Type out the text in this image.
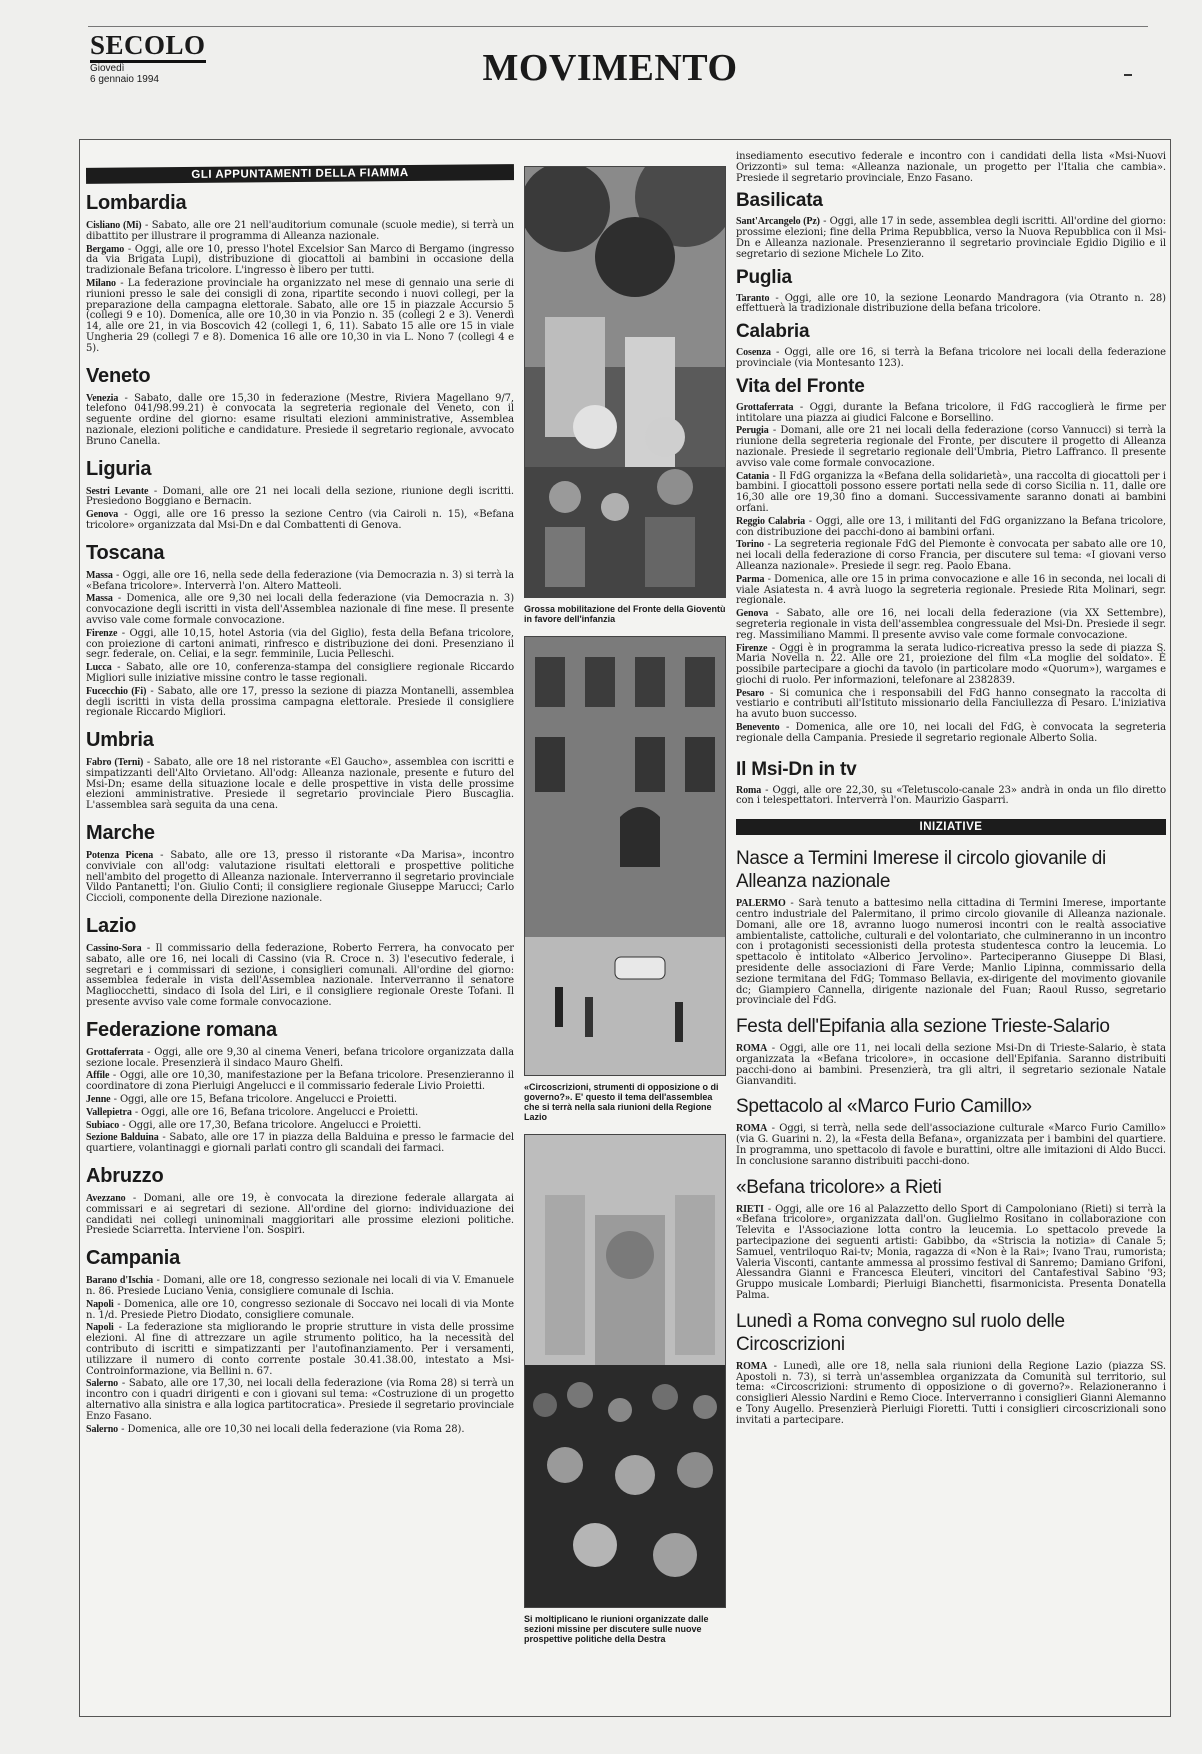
SECOLO
Giovedì
6 gennaio 1994	MOVIMENTO
GLI APPUNTAMENTI DELLA FIAMMA
Lombardia

Cisliano (Mi) - Sabato, alle ore 21 nell'auditorium comunale (scuole medie), si terrà un dibattito per illustrare il programma di Alleanza nazionale.

Bergamo - Oggi, alle ore 10, presso l'hotel Excelsior San Marco di Bergamo (ingresso da via Brigata Lupi), distribuzione di giocattoli ai bambini in occasione della tradizionale Befana tricolore. L'ingresso è libero per tutti.

Milano - La federazione provinciale ha organizzato nel mese di gennaio una serie di riunioni presso le sale dei consigli di zona, ripartite secondo i nuovi collegi, per la preparazione della campagna elettorale. Sabato, alle ore 15 in piazzale Accursio 5 (collegi 9 e 10). Domenica, alle ore 10,30 in via Ponzio n. 35 (collegi 2 e 3). Venerdì 14, alle ore 21, in via Boscovich 42 (collegi 1, 6, 11). Sabato 15 alle ore 15 in viale Ungheria 29 (collegi 7 e 8). Domenica 16 alle ore 10,30 in via L. Nono 7 (collegi 4 e 5).

Veneto

Venezia - Sabato, dalle ore 15,30 in federazione (Mestre, Riviera Magellano 9/7, telefono 041/98.99.21) è convocata la segreteria regionale del Veneto, con il seguente ordine del giorno: esame risultati elezioni amministrative, Assemblea nazionale, elezioni politiche e candidature. Presiede il segretario regionale, avvocato Bruno Canella.

Liguria

Sestri Levante - Domani, alle ore 21 nei locali della sezione, riunione degli iscritti. Presiedono Boggiano e Bernacin.

Genova - Oggi, alle ore 16 presso la sezione Centro (via Cairoli n. 15), «Befana tricolore» organizzata dal Msi-Dn e dal Combattenti di Genova.

Toscana

Massa - Oggi, alle ore 16, nella sede della federazione (via Democrazia n. 3) si terrà la «Befana tricolore». Interverrà l'on. Altero Matteoli.

Massa - Domenica, alle ore 9,30 nei locali della federazione (via Democrazia n. 3) convocazione degli iscritti in vista dell'Assemblea nazionale di fine mese. Il presente avviso vale come formale convocazione.

Firenze - Oggi, alle 10,15, hotel Astoria (via del Giglio), festa della Befana tricolore, con proiezione di cartoni animati, rinfresco e distribuzione dei doni. Presenziano il segr. federale, on. Celiai, e la segr. femminile, Lucia Pelleschi.

Lucca - Sabato, alle ore 10, conferenza-stampa del consigliere regionale Riccardo Migliori sulle iniziative missine contro le tasse regionali.

Fucecchio (Fi) - Sabato, alle ore 17, presso la sezione di piazza Montanelli, assemblea degli iscritti in vista della prossima campagna elettorale. Presiede il consigliere regionale Riccardo Migliori.

Umbria

Fabro (Terni) - Sabato, alle ore 18 nel ristorante «El Gaucho», assemblea con iscritti e simpatizzanti dell'Alto Orvietano. All'odg: Alleanza nazionale, presente e futuro del Msi-Dn; esame della situazione locale e delle prospettive in vista delle prossime elezioni amministrative. Presiede il segretario provinciale Piero Buscaglia. L'assemblea sarà seguita da una cena.

Marche

Potenza Picena - Sabato, alle ore 13, presso il ristorante «Da Marisa», incontro conviviale con all'odg: valutazione risultati elettorali e prospettive politiche nell'ambito del progetto di Alleanza nazionale. Interverranno il segretario provinciale Vildo Pantanetti; l'on. Giulio Conti; il consigliere regionale Giuseppe Marucci; Carlo Ciccioli, componente della Direzione nazionale.

Lazio

Cassino-Sora - Il commissario della federazione, Roberto Ferrera, ha convocato per sabato, alle ore 16, nei locali di Cassino (via R. Croce n. 3) l'esecutivo federale, i segretari e i commissari di sezione, i consiglieri comunali. All'ordine del giorno: assemblea federale in vista dell'Assemblea nazionale. Interverranno il senatore Magliocchetti, sindaco di Isola del Liri, e il consigliere regionale Oreste Tofani. Il presente avviso vale come formale convocazione.

Federazione romana

Grottaferrata - Oggi, alle ore 9,30 al cinema Veneri, befana tricolore organizzata dalla sezione locale. Presenzierà il sindaco Mauro Ghelfi.

Affile - Oggi, alle ore 10,30, manifestazione per la Befana tricolore. Presenzieranno il coordinatore di zona Pierluigi Angelucci e il commissario federale Livio Proietti.

Jenne - Oggi, alle ore 15, Befana tricolore. Angelucci e Proietti.

Vallepietra - Oggi, alle ore 16, Befana tricolore. Angelucci e Proietti.

Subiaco - Oggi, alle ore 17,30, Befana tricolore. Angelucci e Proietti.

Sezione Balduina - Sabato, alle ore 17 in piazza della Balduina e presso le farmacie del quartiere, volantinaggi e giornali parlati contro gli scandali dei farmaci.

Abruzzo

Avezzano - Domani, alle ore 19, è convocata la direzione federale allargata ai commissari e ai segretari di sezione. All'ordine del giorno: individuazione dei candidati nei collegi uninominali maggioritari alle prossime elezioni politiche. Presiede Sciarretta. Interviene l'on. Sospiri.

Campania

Barano d'Ischia - Domani, alle ore 18, congresso sezionale nei locali di via V. Emanuele n. 86. Presiede Luciano Venia, consigliere comunale di Ischia.

Napoli - Domenica, alle ore 10, congresso sezionale di Soccavo nei locali di via Monte n. 1/d. Presiede Pietro Diodato, consigliere comunale.

Napoli - La federazione sta migliorando le proprie strutture in vista delle prossime elezioni. Al fine di attrezzare un agile strumento politico, ha la necessità del contributo di iscritti e simpatizzanti per l'autofinanziamento. Per i versamenti, utilizzare il numero di conto corrente postale 30.41.38.00, intestato a Msi-Controinformazione, via Bellini n. 67.

Salerno - Sabato, alle ore 17,30, nei locali della federazione (via Roma 28) si terrà un incontro con i quadri dirigenti e con i giovani sul tema: «Costruzione di un progetto alternativo alla sinistra e alla logica partitocratica». Presiede il segretario provinciale Enzo Fasano.

Salerno - Domenica, alle ore 10,30 nei locali della federazione (via Roma 28).

Grossa mobilitazione del Fronte della Gioventù in favore dell'infanzia
«Circoscrizioni, strumenti di opposizione o di governo?». E' questo il tema dell'assemblea che si terrà nella sala riunioni della Regione Lazio
Si moltiplicano le riunioni organizzate dalle sezioni missine per discutere sulle nuove prospettive politiche della Destra

insediamento esecutivo federale e incontro con i candidati della lista «Msi-Nuovi Orizzonti» sul tema: «Alleanza nazionale, un progetto per l'Italia che cambia». Presiede il segretario provinciale, Enzo Fasano.

Basilicata

Sant'Arcangelo (Pz) - Oggi, alle 17 in sede, assemblea degli iscritti. All'ordine del giorno: prossime elezioni; fine della Prima Repubblica, verso la Nuova Repubblica con il Msi-Dn e Alleanza nazionale. Presenzieranno il segretario provinciale Egidio Digilio e il segretario di sezione Michele Lo Zito.

Puglia

Taranto - Oggi, alle ore 10, la sezione Leonardo Mandragora (via Otranto n. 28) effettuerà la tradizionale distribuzione della befana tricolore.

Calabria

Cosenza - Oggi, alle ore 16, si terrà la Befana tricolore nei locali della federazione provinciale (via Montesanto 123).

Vita del Fronte

Grottaferrata - Oggi, durante la Befana tricolore, il FdG raccoglierà le firme per intitolare una piazza ai giudici Falcone e Borsellino.

Perugia - Domani, alle ore 21 nei locali della federazione (corso Vannucci) si terrà la riunione della segreteria regionale del Fronte, per discutere il progetto di Alleanza nazionale. Presiede il segretario regionale dell'Umbria, Pietro Laffranco. Il presente avviso vale come formale convocazione.

Catania - Il FdG organizza la «Befana della solidarietà», una raccolta di giocattoli per i bambini. I giocattoli possono essere portati nella sede di corso Sicilia n. 11, dalle ore 16,30 alle ore 19,30 fino a domani. Successivamente saranno donati ai bambini orfani.

Reggio Calabria - Oggi, alle ore 13, i militanti del FdG organizzano la Befana tricolore, con distribuzione dei pacchi-dono ai bambini orfani.

Torino - La segreteria regionale FdG del Piemonte è convocata per sabato alle ore 10, nei locali della federazione di corso Francia, per discutere sul tema: «I giovani verso Alleanza nazionale». Presiede il segr. reg. Paolo Ebana.

Parma - Domenica, alle ore 15 in prima convocazione e alle 16 in seconda, nei locali di viale Asiatesta n. 4 avrà luogo la segreteria regionale. Presiede Rita Molinari, segr. regionale.

Genova - Sabato, alle ore 16, nei locali della federazione (via XX Settembre), segreteria regionale in vista dell'assemblea congressuale del Msi-Dn. Presiede il segr. reg. Massimiliano Mammi. Il presente avviso vale come formale convocazione.

Firenze - Oggi è in programma la serata ludico-ricreativa presso la sede di piazza S. Maria Novella n. 22. Alle ore 21, proiezione del film «La moglie del soldato». È possibile partecipare a giochi da tavolo (in particolare modo «Quorum»), wargames e giochi di ruolo. Per informazioni, telefonare al 2382839.

Pesaro - Si comunica che i responsabili del FdG hanno consegnato la raccolta di vestiario e contributi all'Istituto missionario della Fanciullezza di Pesaro. L'iniziativa ha avuto buon successo.

Benevento - Domenica, alle ore 10, nei locali del FdG, è convocata la segreteria regionale della Campania. Presiede il segretario regionale Alberto Solia.

Il Msi-Dn in tv

Roma - Oggi, alle ore 22,30, su «Teletuscolo-canale 23» andrà in onda un filo diretto con i telespettatori. Interverrà l'on. Maurizio Gasparri.

INIZIATIVE
Nasce a Termini Imerese il circolo giovanile di Alleanza nazionale

PALERMO - Sarà tenuto a battesimo nella cittadina di Termini Imerese, importante centro industriale del Palermitano, il primo circolo giovanile di Alleanza nazionale. Domani, alle ore 18, avranno luogo numerosi incontri con le realtà associative ambientaliste, cattoliche, culturali e del volontariato, che culmineranno in un incontro con i protagonisti secessionisti della protesta studentesca contro la leucemia. Lo spettacolo è intitolato «Alberico Jervolino». Parteciperanno Giuseppe Di Blasi, presidente delle associazioni di Fare Verde; Manlio Lipinna, commissario della sezione termitana del FdG; Tommaso Bellavia, ex-dirigente del movimento giovanile dc; Giampiero Cannella, dirigente nazionale del Fuan; Raoul Russo, segretario provinciale del FdG.

Festa dell'Epifania alla sezione Trieste-Salario

ROMA - Oggi, alle ore 11, nei locali della sezione Msi-Dn di Trieste-Salario, è stata organizzata la «Befana tricolore», in occasione dell'Epifania. Saranno distribuiti pacchi-dono ai bambini. Presenzierà, tra gli altri, il segretario sezionale Natale Gianvanditi.

Spettacolo al «Marco Furio Camillo»

ROMA - Oggi, si terrà, nella sede dell'associazione culturale «Marco Furio Camillo» (via G. Guarini n. 2), la «Festa della Befana», organizzata per i bambini del quartiere. In programma, uno spettacolo di favole e burattini, oltre alle imitazioni di Aldo Bucci. In conclusione saranno distribuiti pacchi-dono.

«Befana tricolore» a Rieti

RIETI - Oggi, alle ore 16 al Palazzetto dello Sport di Campoloniano (Rieti) si terrà la «Befana tricolore», organizzata dall'on. Guglielmo Rositano in collaborazione con Televita e l'Associazione lotta contro la leucemia. Lo spettacolo prevede la partecipazione dei seguenti artisti: Gabibbo, da «Striscia la notizia» di Canale 5; Samuel, ventriloquo Rai-tv; Monia, ragazza di «Non è la Rai»; Ivano Trau, rumorista; Valeria Visconti, cantante ammessa al prossimo festival di Sanremo; Damiano Grifoni, Alessandra Gianni e Francesca Eleuteri, vincitori del Cantafestival Sabino '93; Gruppo musicale Lombardi; Pierluigi Bianchetti, fisarmonicista. Presenta Donatella Palma.

Lunedì a Roma convegno sul ruolo delle Circoscrizioni

ROMA - Lunedì, alle ore 18, nella sala riunioni della Regione Lazio (piazza SS. Apostoli n. 73), si terrà un'assemblea organizzata da Comunità sul territorio, sul tema: «Circoscrizioni: strumento di opposizione o di governo?». Relazioneranno i consiglieri Alessio Nardini e Remo Cioce. Interverranno i consiglieri Gianni Alemanno e Tony Augello. Presenzierà Pierluigi Fioretti. Tutti i consiglieri circoscrizionali sono invitati a partecipare.
